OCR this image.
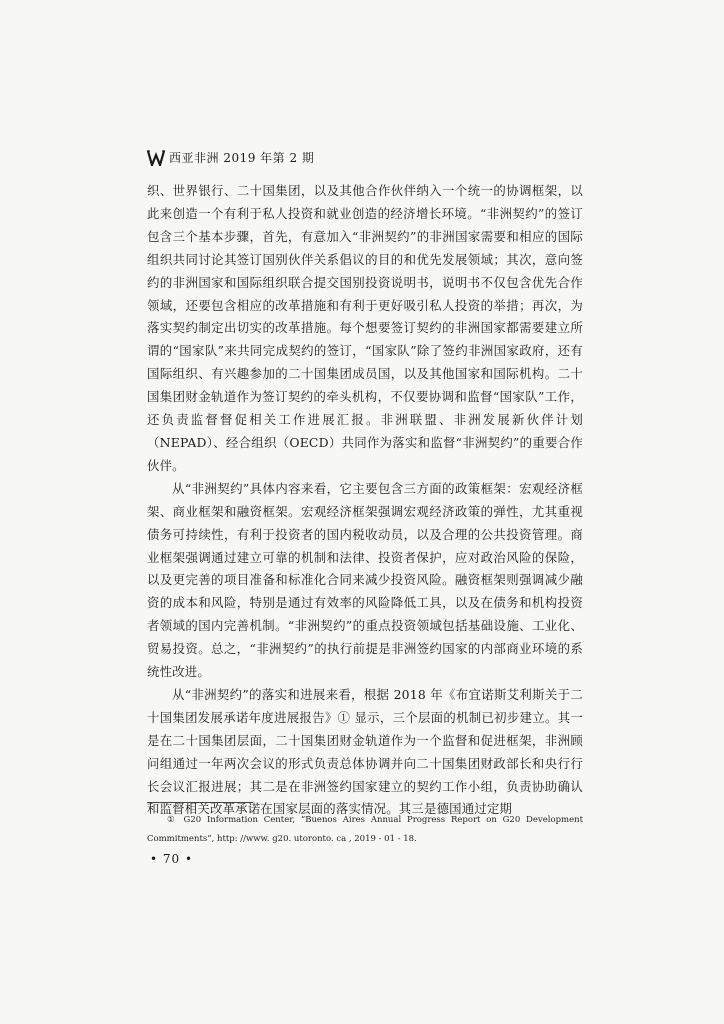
西亚非洲 2019 年第 2 期

织、世界银行、二十国集团，以及其他合作伙伴纳入一个统一的协调框架，以此来创造一个有利于私人投资和就业创造的经济增长环境。“非洲契约”的签订包含三个基本步骤，首先，有意加入“非洲契约”的非洲国家需要和相应的国际组织共同讨论其签订国别伙伴关系倡议的目的和优先发展领域；其次，意向签约的非洲国家和国际组织联合提交国别投资说明书，说明书不仅包含优先合作领域，还要包含相应的改革措施和有利于更好吸引私人投资的举措；再次，为落实契约制定出切实的改革措施。每个想要签订契约的非洲国家都需要建立所谓的“国家队”来共同完成契约的签订，“国家队”除了签约非洲国家政府，还有国际组织、有兴趣参加的二十国集团成员国，以及其他国家和国际机构。二十国集团财金轨道作为签订契约的牵头机构，不仅要协调和监督“国家队”工作，还负责监督督促相关工作进展汇报。非洲联盟、非洲发展新伙伴计划（NEPAD）、经合组织（OECD）共同作为落实和监督“非洲契约”的重要合作伙伴。

从“非洲契约”具体内容来看，它主要包含三方面的政策框架：宏观经济框架、商业框架和融资框架。宏观经济框架强调宏观经济政策的弹性，尤其重视债务可持续性，有利于投资者的国内税收动员，以及合理的公共投资管理。商业框架强调通过建立可靠的机制和法律、投资者保护，应对政治风险的保险，以及更完善的项目准备和标准化合同来减少投资风险。融资框架则强调减少融资的成本和风险，特别是通过有效率的风险降低工具，以及在债务和机构投资者领域的国内完善机制。“非洲契约”的重点投资领域包括基础设施、工业化、贸易投资。总之，“非洲契约”的执行前提是非洲签约国家的内部商业环境的系统性改进。

从“非洲契约”的落实和进展来看，根据 2018 年《布宜诺斯艾利斯关于二十国集团发展承诺年度进展报告》① 显示，三个层面的机制已初步建立。其一是在二十国集团层面，二十国集团财金轨道作为一个监督和促进框架，非洲顾问组通过一年两次会议的形式负责总体协调并向二十国集团财政部长和央行行长会议汇报进展；其二是在非洲签约国家建立的契约工作小组，负责协助确认和监督相关改革承诺在国家层面的落实情况。其三是德国通过定期

① G20 Information Center, “Buenos Aires Annual Progress Report on G20 Development Commitments”, http: //www. g20. utoronto. ca , 2019 - 01 - 18.
• 70 •
